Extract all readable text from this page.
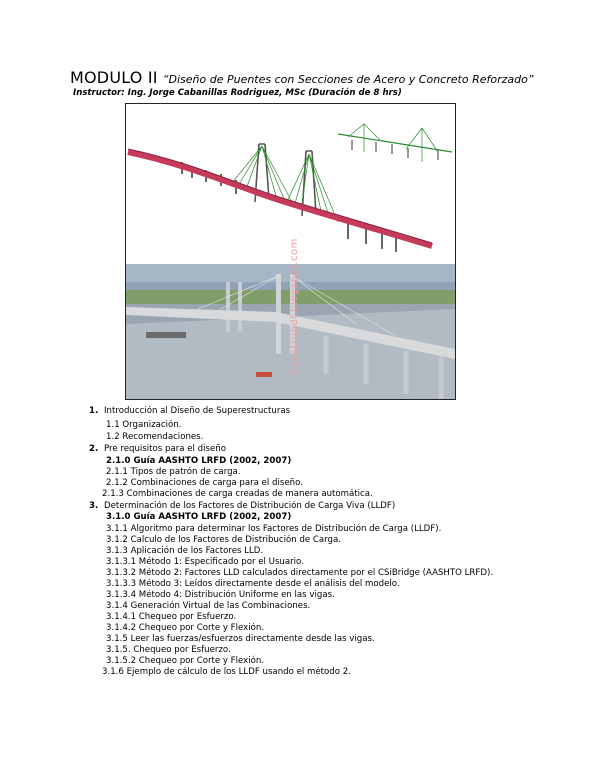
MODULO II “Diseño de Puentes con Secciones de Acero y Concreto Reforzado”
Instructor: Ing. Jorge Cabanillas Rodriguez, MSc (Duración de 8 hrs)
Construpdf.blogspot.com
1. Introducción al Diseño de Superestructuras
1.1 Organización.
1.2 Recomendaciones.
2. Pre requisitos para el diseño
2.1.0 Guía AASHTO LRFD (2002, 2007)
2.1.1 Tipos de patrón de carga.
2.1.2 Combinaciones de carga para el diseño.
2.1.3 Combinaciones de carga creadas de manera automática.
3. Determinación de los Factores de Distribución de Carga Viva (LLDF)
3.1.0 Guía AASHTO LRFD (2002, 2007)
3.1.1 Algoritmo para determinar los Factores de Distribución de Carga (LLDF).
3.1.2 Calculo de los Factores de Distribución de Carga.
3.1.3 Aplicación de los Factores LLD.
3.1.3.1 Método 1: Especificado por el Usuario.
3.1.3.2 Método 2: Factores LLD calculados directamente por el CSiBridge (AASHTO LRFD).
3.1.3.3 Método 3: Leídos directamente desde el análisis del modelo.
3.1.3.4 Método 4: Distribución Uniforme en las vigas.
3.1.4 Generación Virtual de las Combinaciones.
3.1.4.1 Chequeo por Esfuerzo.
3.1.4.2 Chequeo por Corte y Flexión.
3.1.5 Leer las fuerzas/esfuerzos directamente desde las vigas.
3.1.5. Chequeo por Esfuerzo.
3.1.5.2 Chequeo por Corte y Flexión.
3.1.6 Ejemplo de cálculo de los LLDF usando el método 2.
